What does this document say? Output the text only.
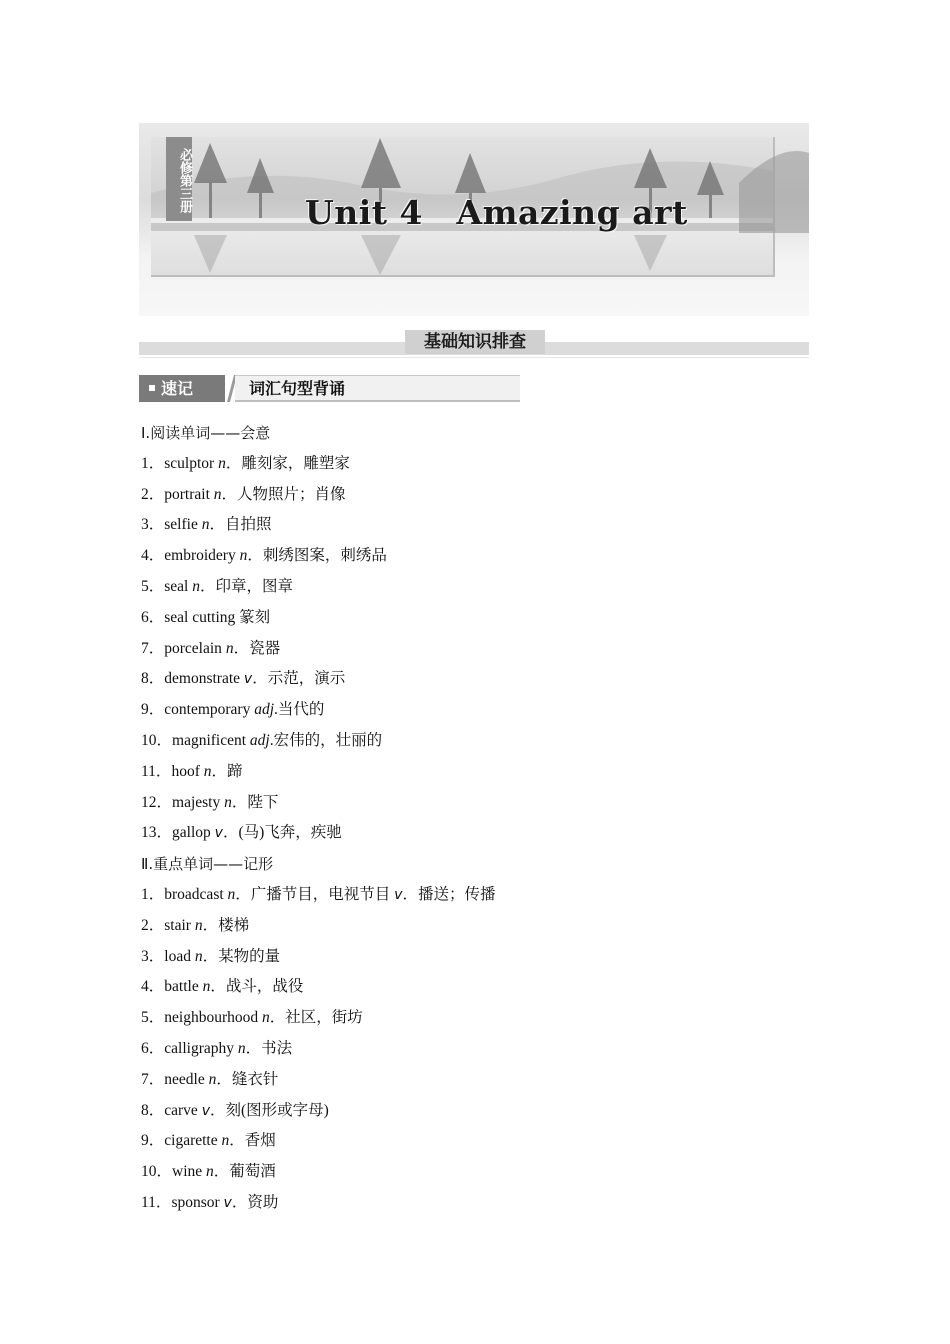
必修第三册	Unit 4　Amazing art
基础知识排查
速记	词汇句型背诵
Ⅰ.阅读单词——会意
1．sculptor n．雕刻家，雕塑家
2．portrait n．人物照片；肖像
3．selfie n．自拍照
4．embroidery n．刺绣图案，刺绣品
5．seal n．印章，图章
6．seal cutting 篆刻
7．porcelain n．瓷器
8．demonstrate v．示范，演示
9．contemporary adj.当代的
10．magnificent adj.宏伟的，壮丽的
11．hoof n．蹄
12．majesty n．陛下
13．gallop v．(马)飞奔，疾驰
Ⅱ.重点单词——记形
1．broadcast n．广播节目，电视节目 v．播送；传播
2．stair n．楼梯
3．load n．某物的量
4．battle n．战斗，战役
5．neighbourhood n．社区，街坊
6．calligraphy n．书法
7．needle n．缝衣针
8．carve v．刻(图形或字母)
9．cigarette n．香烟
10．wine n．葡萄酒
11．sponsor v．资助
